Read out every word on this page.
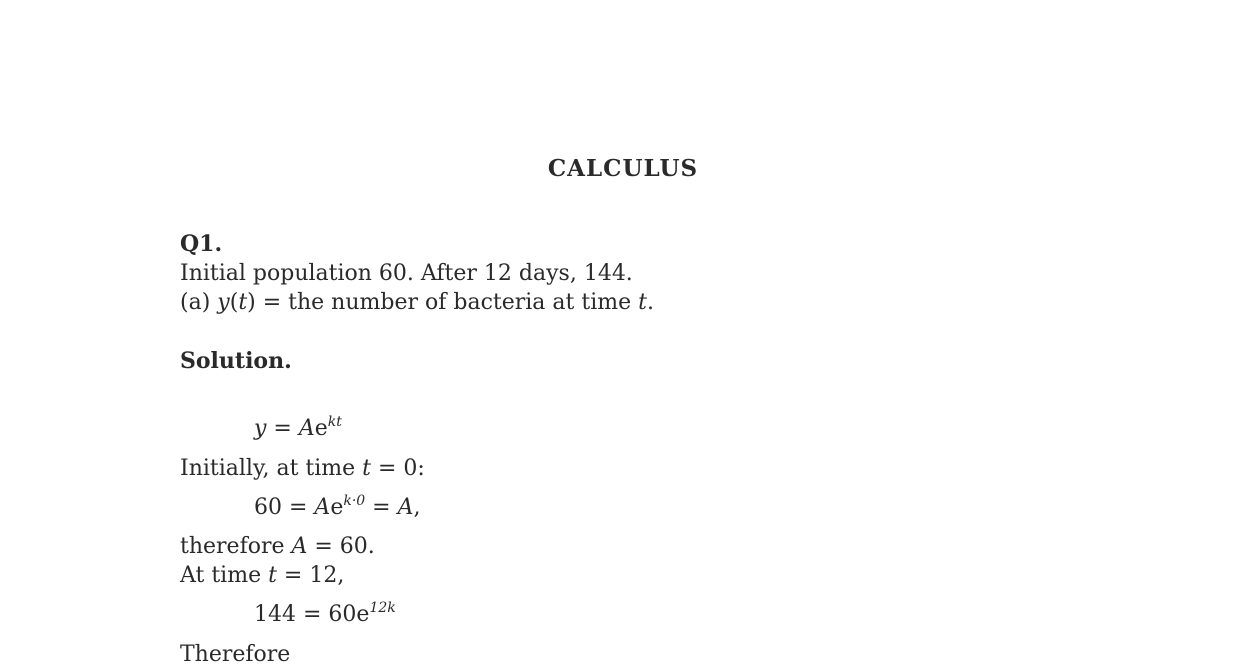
CALCULUS
Q1.
Initial population 60. After 12 days, 144.
(a) y(t) = the number of bacteria at time t.
Solution.
$y = Ae^{kt}$
Initially, at time t = 0:
$60 = Ae^{k\cdot 0} = A$,
therefore A = 60.
At time t = 12,
$144 = 60e^{12k}$
Therefore
